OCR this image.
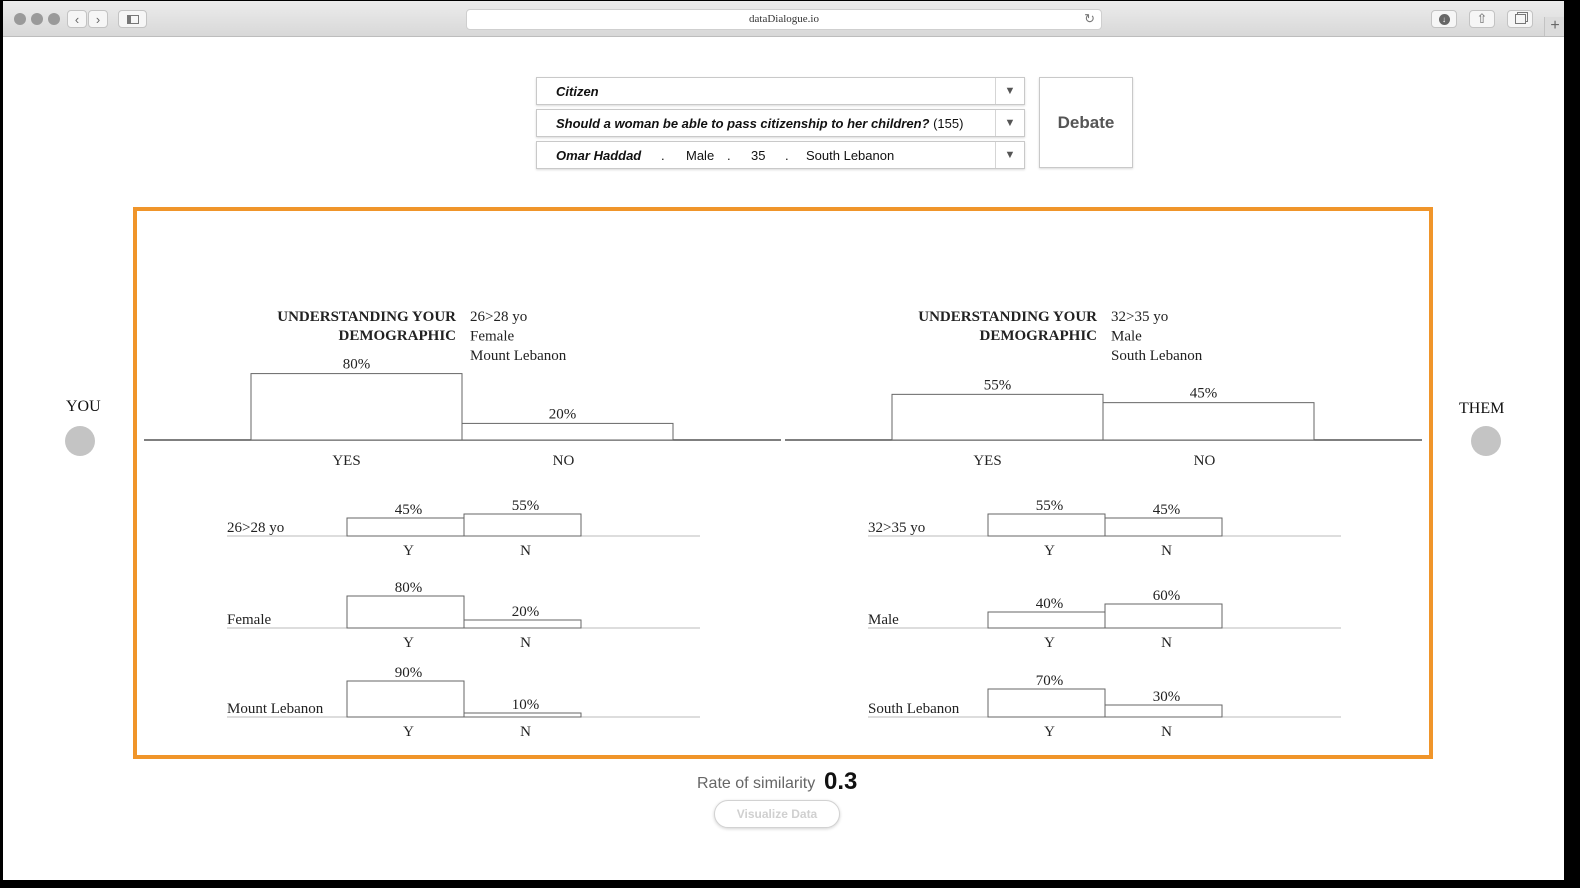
‹ ›	dataDialogue.io	↻	↓ ⇧	+
Citizen	▼
Should a woman be able to pass citizenship to her children? (155)	▼
Omar Haddad . Male . 35 . South Lebanon	▼
Debate
UNDERSTANDING YOUR
DEMOGRAPHIC
26>28 yo
Female
Mount Lebanon
80%
YES
20%
NO
26>28 yo
45%
Y
55%
N
Female
80%
Y
20%
N
Mount Lebanon
90%
Y
10%
N
UNDERSTANDING YOUR
DEMOGRAPHIC
32>35 yo
Male
South Lebanon
55%
YES
45%
NO
32>35 yo
55%
Y
45%
N
Male
40%
Y
60%
N
South Lebanon
70%
Y
30%
N
YOU	THEM
Rate of similarity 0.3
Visualize Data
